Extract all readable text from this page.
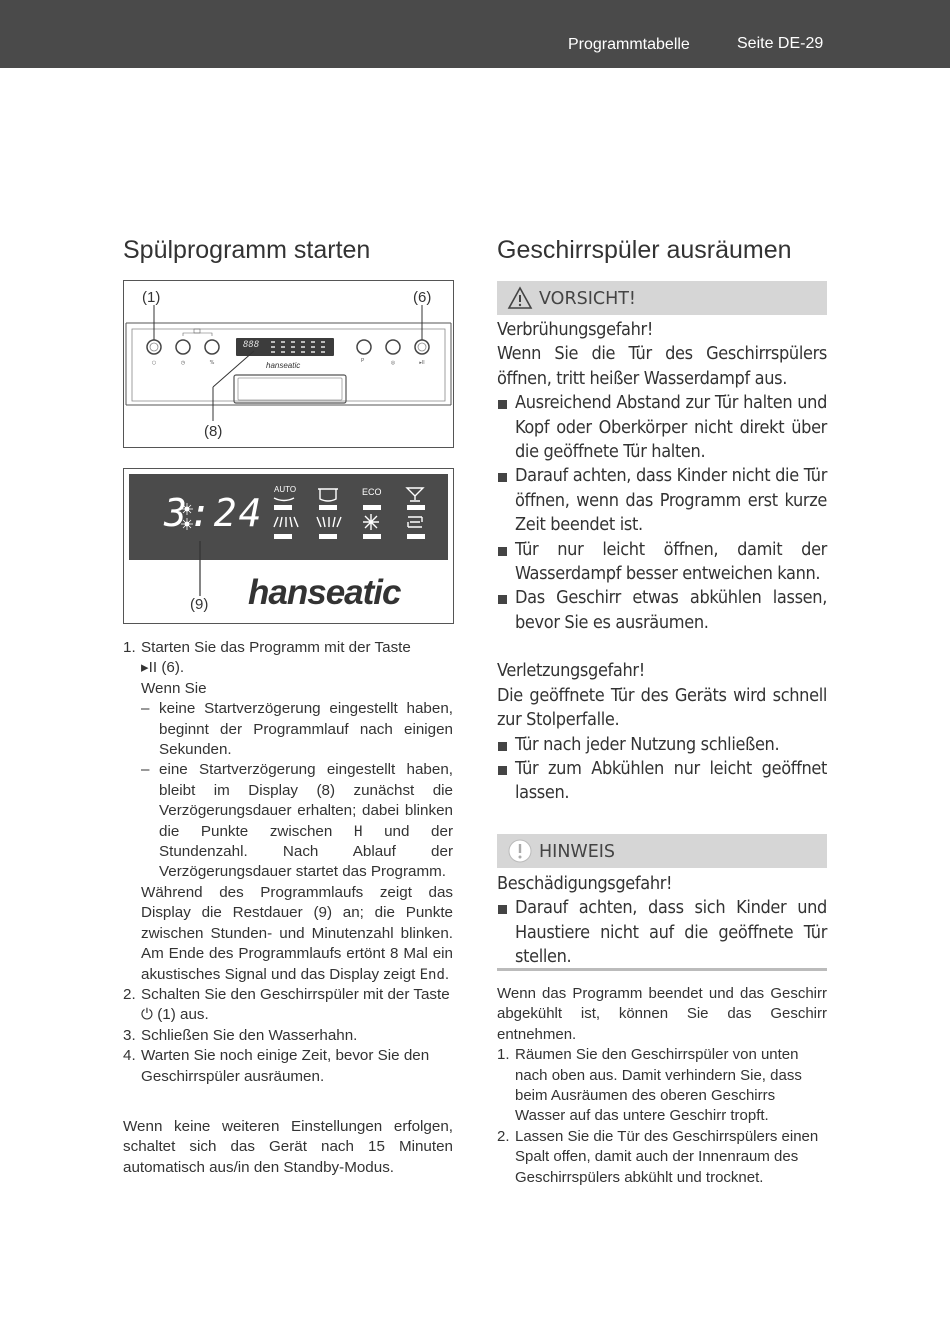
Programmtabelle	Seite DE-29
Spülprogramm starten
○	◷	%	◎	▸ll
(1)	(6)
(8)
888
hanseatic	P
3:24
AUTO	ECO
(9) hanseatic
1. Starten Sie das Programm mit der Taste
▸II (6).
Wenn Sie
– keine Startverzögerung eingestellt haben, beginnt der Programmlauf nach einigen Sekunden.
– eine Startverzögerung eingestellt haben, bleibt im Display (8) zunächst die Verzögerungsdauer erhalten; dabei blinken die Punkte zwischen H und der Stundenzahl. Nach Ablauf der Verzögerungsdauer startet das Programm.
Während des Programmlaufs zeigt das Display die Restdauer (9) an; die Punkte zwischen Stunden- und Minutenzahl blinken. Am Ende des Programmlaufs ertönt 8 Mal ein akustisches Signal und das Display zeigt End.
2. Schalten Sie den Geschirrspüler mit der Taste ⏻ (1) aus.
3. Schließen Sie den Wasserhahn.
4. Warten Sie noch einige Zeit, bevor Sie den Geschirrspüler ausräumen.
Wenn keine weiteren Einstellungen erfolgen, schaltet sich das Gerät nach 15 Minuten automatisch aus/in den Standby-Modus.
Geschirrspüler ausräumen
VORSICHT!
Verbrühungsgefahr!
Wenn Sie die Tür des Geschirrspülers öffnen, tritt heißer Wasserdampf aus.
Ausreichend Abstand zur Tür halten und Kopf oder Oberkörper nicht direkt über die geöffnete Tür halten.
Darauf achten, dass Kinder nicht die Tür öffnen, wenn das Programm erst kurze Zeit beendet ist.
Tür nur leicht öffnen, damit der Wasserdampf besser entweichen kann.
Das Geschirr etwas abkühlen lassen, bevor Sie es ausräumen.
Verletzungsgefahr!
Die geöffnete Tür des Geräts wird schnell zur Stolperfalle.
Tür nach jeder Nutzung schließen.
Tür zum Abkühlen nur leicht geöffnet lassen.
HINWEIS
Beschädigungsgefahr!
Darauf achten, dass sich Kinder und Haustiere nicht auf die geöffnete Tür stellen.
Wenn das Programm beendet und das Geschirr abgekühlt ist, können Sie das Geschirr entnehmen.
1. Räumen Sie den Geschirrspüler von unten nach oben aus. Damit verhindern Sie, dass beim Ausräumen des oberen Geschirrs Wasser auf das untere Geschirr tropft.
2. Lassen Sie die Tür des Geschirrspülers einen Spalt offen, damit auch der Innenraum des Geschirrspülers abkühlt und trocknet.
